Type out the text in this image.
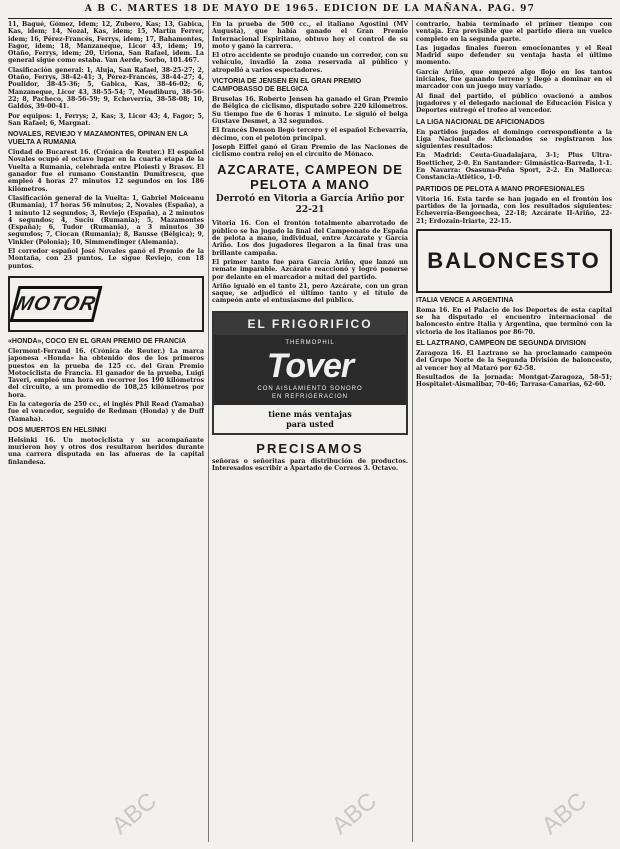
A B C. MARTES 18 DE MAYO DE 1965. EDICION DE LA MAÑANA. PAG. 97

11, Bagué, Gómez, Idem; 12, Zubero, Kas; 13, Gabica, Kas, idem; 14, Nozal, Kas, idem; 15, Martín Ferrer, idem; 16, Pérez-Francés, Ferrys, idem; 17, Bahamontes, Fagor, idem; 18, Manzaneque, Licor 43, idem; 19, Otaño, Ferrys, idem; 20, Uriona, San Rafael, idem. La general sigue como estaba. Van Aerde, Sorbo, 101.467.

Clasificación general: 1, Aluja, San Rafael, 38-25-27; 2, Otaño, Ferrys, 38-42-41; 3, Pérez-Francés, 38-44-27; 4, Poulidor, 38-45-36; 5, Gabica, Kas, 38-46-02; 6, Manzaneque, Licor 43, 38-55-54; 7, Mendiburu, 38-56-22; 8, Pacheco, 38-56-59; 9, Echeverría, 38-58-08; 10, Galdós, 39-00-41.

Por equipos: 1, Ferrys; 2, Kas; 3, Licor 43; 4, Fagor; 5, San Rafael; 6, Margnat.

NOVALES, REVIEJO Y MAZAMONTES, OPINAN EN LA VUELTA A RUMANIA

Ciudad de Bucarest 16. (Crónica de Reuter.) El español Novales ocupó el octavo lugar en la cuarta etapa de la Vuelta a Rumania, celebrada entre Ploiesti y Brasov. El ganador fue el rumano Constantin Dumitrescu, que empleó 4 horas 27 minutos 12 segundos en los 186 kilómetros.

Clasificación general de la Vuelta: 1, Gabriel Moiceanu (Rumania), 17 horas 56 minutos; 2, Novales (España), a 1 minuto 12 segundos; 3, Reviejo (España), a 2 minutos 4 segundos; 4, Suciu (Rumania); 5, Mazamontes (España); 6, Tudor (Rumania), a 3 minutos 30 segundos; 7, Ciocan (Rumania); 8, Bausse (Bélgica); 9, Vinkler (Polonia); 10, Simmendinger (Alemania).

El corredor español José Novales ganó el Premio de la Montaña, con 23 puntos. Le sigue Reviejo, con 18 puntos.

MOTOR
«HONDA», COCO EN EL GRAN PREMIO DE FRANCIA

Clermont-Ferrand 16. (Crónica de Reuter.) La marca japonesa «Honda» ha obtenido dos de los primeros puestos en la prueba de 125 cc. del Gran Premio Motociclista de Francia. El ganador de la prueba, Luigi Taveri, empleó una hora en recorrer los 190 kilómetros del circuito, a un promedio de 108,25 kilómetros por hora.

En la categoría de 250 cc., el inglés Phil Read (Yamaha) fue el vencedor, seguido de Redman (Honda) y de Duff (Yamaha).

DOS MUERTOS EN HELSINKI

Helsinki 16. Un motociclista y su acompañante murieron hoy y otros dos resultaron heridos durante una carrera disputada en las afueras de la capital finlandesa.

En la prueba de 500 cc., el italiano Agostini (MV Augusta), que había ganado el Gran Premio Internacional Espiritano, obtuvo hoy el control de su moto y ganó la carrera.

El otro accidente se produjo cuando un corredor, con su vehículo, invadió la zona reservada al público y atropelló a varios espectadores.

VICTORIA DE JENSEN EN EL GRAN PREMIO CAMPOBASSO DE BELGICA

Bruselas 16. Roberto Jensen ha ganado el Gran Premio de Bélgica de ciclismo, disputado sobre 220 kilómetros. Su tiempo fue de 6 horas 1 minuto. Le siguió el belga Gustave Desmet, a 32 segundos.

El francés Denson llegó tercero y el español Echevarría, décimo, con el pelotón principal.

Joseph Eiffel ganó el Gran Premio de las Naciones de ciclismo contra reloj en el circuito de Mónaco.

AZCARATE, CAMPEON DE PELOTA A MANO
Derrotó en Vitoria a García Ariño por 22-21

Vitoria 16. Con el frontón totalmente abarrotado de público se ha jugado la final del Campeonato de España de pelota a mano, individual, entre Azcárate y García Ariño. Los dos jugadores llegaron a la final tras una brillante campaña.

El primer tanto fue para García Ariño, que lanzó un remate imparable. Azcárate reaccionó y logró ponerse por delante en el marcador a mitad del partido.

Ariño igualó en el tanto 21, pero Azcárate, con un gran saque, se adjudicó el último tanto y el título de campeón ante el entusiasmo del público.

EL FRIGORIFICO
THERMOPHIL
Tover
CON AISLAMIENTO SONORO
EN REFRIGERACION
tiene más ventajas
para usted
PRECISAMOS

señoras o señoritas para distribución de productos. Interesados escribir a Apartado de Correos 3. Octavo.

contrario, había terminado el primer tiempo con ventaja. Era previsible que el partido diera un vuelco completo en la segunda parte.

Las jugadas finales fueron emocionantes y el Real Madrid supo defender su ventaja hasta el último momento.

García Ariño, que empezó algo flojo en los tantos iniciales, fue ganando terreno y llegó a dominar en el marcador con un juego muy variado.

Al final del partido, el público ovacionó a ambos jugadores y el delegado nacional de Educación Física y Deportes entregó el trofeo al vencedor.

LA LIGA NACIONAL DE AFICIONADOS

En partidos jugados el domingo correspondiente a la Liga Nacional de Aficionados se registraron los siguientes resultados:

En Madrid: Ceuta-Guadalajara, 3-1; Plus Ultra-Boetticher, 2-0. En Santander: Gimnástica-Barreda, 1-1. En Navarra: Osasuna-Peña Sport, 2-2. En Mallorca: Constancia-Atlético, 1-0.

PARTIDOS DE PELOTA A MANO PROFESIONALES

Vitoria 16. Esta tarde se han jugado en el frontón los partidos de la jornada, con los resultados siguientes: Echeverría-Bengoechea, 22-18; Azcárate II-Ariño, 22-21; Erdozain-Iriarte, 22-15.

BALONCESTO
ITALIA VENCE A ARGENTINA

Roma 16. En el Palacio de los Deportes de esta capital se ha disputado el encuentro internacional de baloncesto entre Italia y Argentina, que terminó con la victoria de los italianos por 86-70.

EL LAZTRANO, CAMPEON DE SEGUNDA DIVISION

Zaragoza 16. El Laztrano se ha proclamado campeón del Grupo Norte de la Segunda División de baloncesto, al vencer hoy al Mataró por 62-58.

Resultados de la jornada: Montgat-Zaragoza, 58-51; Hospitalet-Aismalibar, 70-46; Tarrasa-Canarias, 62-60.

ABC	ABC	ABC
